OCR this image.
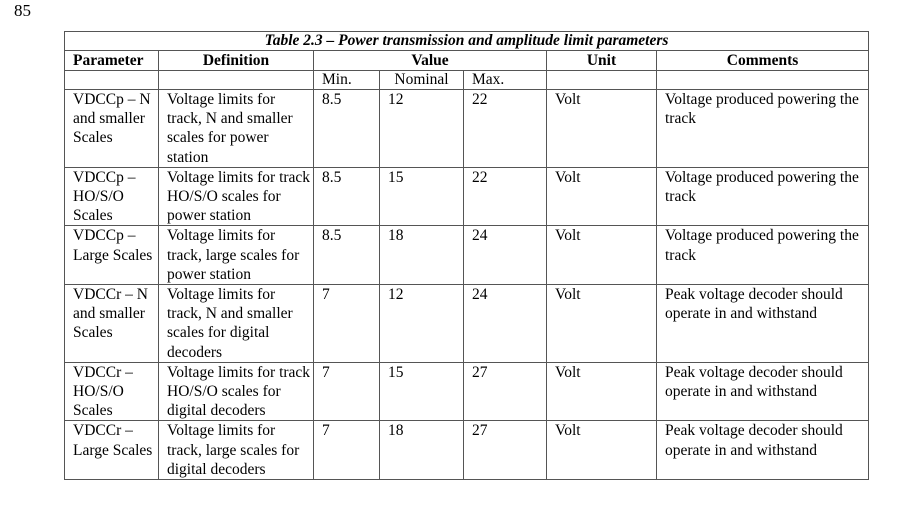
85
Table 2.3 – Power transmission and amplitude limit parameters						
Parameter	Definition	Value			Unit	Comments
		Min.	Nominal	Max.		
VDCCp – N and smaller Scales	Voltage limits for track, N and smaller scales for power station	8.5	12	22	Volt	Voltage produced powering the track
VDCCp – HO/S/O Scales	Voltage limits for track HO/S/O scales for power station	8.5	15	22	Volt	Voltage produced powering the track
VDCCp – Large Scales	Voltage limits for track, large scales for power station	8.5	18	24	Volt	Voltage produced powering the track
VDCCr – N and smaller Scales	Voltage limits for track, N and smaller scales for digital decoders	7	12	24	Volt	Peak voltage decoder should operate in and withstand
VDCCr – HO/S/O Scales	Voltage limits for track HO/S/O scales for digital decoders	7	15	27	Volt	Peak voltage decoder should operate in and withstand
VDCCr – Large Scales	Voltage limits for track, large scales for digital decoders	7	18	27	Volt	Peak voltage decoder should operate in and withstand
